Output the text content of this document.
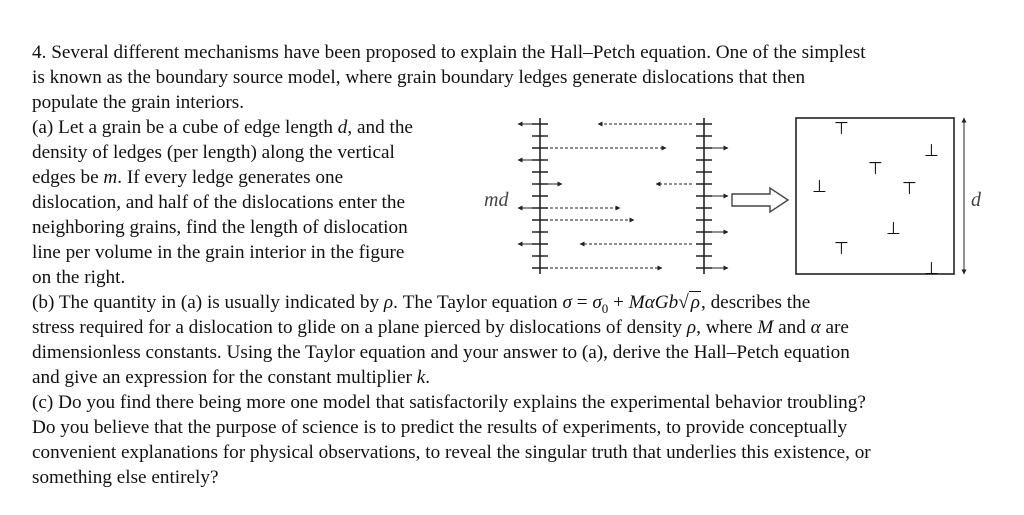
4. Several different mechanisms have been proposed to explain the Hall–Petch equation. One of the simplest
is known as the boundary source model, where grain boundary ledges generate dislocations that then
populate the grain interiors.
(a) Let a grain be a cube of edge length d, and the
density of ledges (per length) along the vertical
edges be m. If every ledge generates one
dislocation, and half of the dislocations enter the
neighboring grains, find the length of dislocation
line per volume in the grain interior in the figure
on the right.
(b) The quantity in (a) is usually indicated by ρ. The Taylor equation $\sigma = \sigma_0 + M\alpha Gb√$ ρ, describes the
stress required for a dislocation to glide on a plane pierced by dislocations of density ρ, where M and α are
dimensionless constants. Using the Taylor equation and your answer to (a), derive the Hall–Petch equation
and give an expression for the constant multiplier k.
(c) Do you find there being more one model that satisfactorily explains the experimental behavior troubling?
Do you believe that the purpose of science is to predict the results of experiments, to provide conceptually
convenient explanations for physical observations, to reveal the singular truth that underlies this existence, or
something else entirely?
md
⊤
⊥
⊤
⊥	⊤
⊥
⊤
⊥
d
